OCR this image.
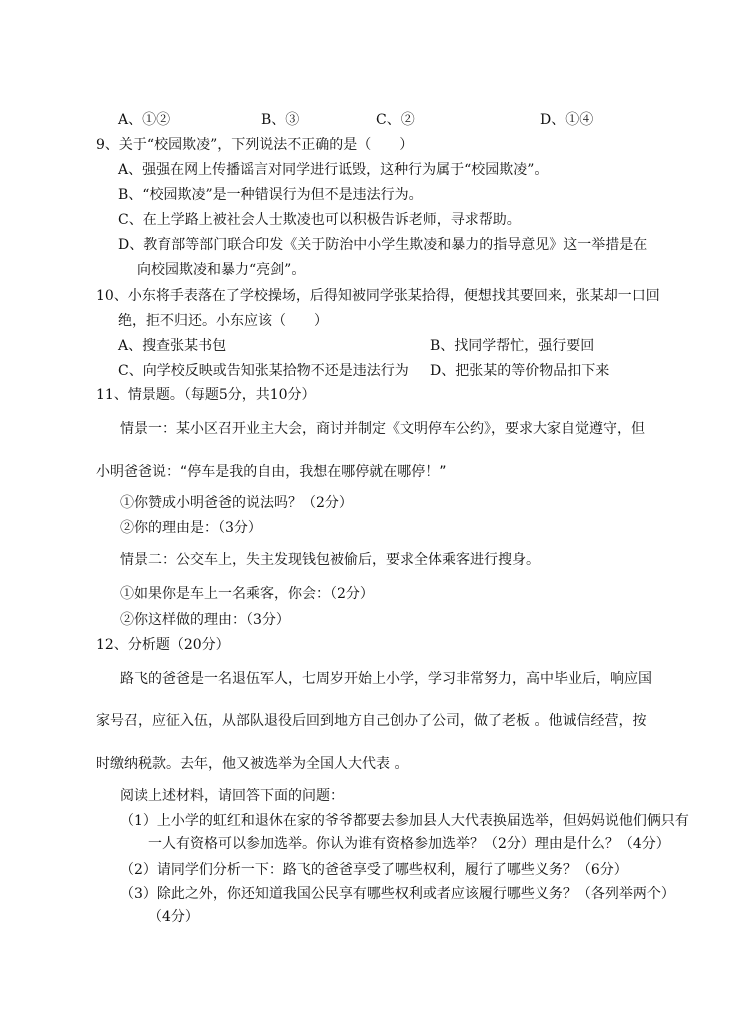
A、①②	B、③	C、②	D、①④
9、关于“校园欺凌”，下列说法不正确的是（　　）
A、强强在网上传播谣言对同学进行诋毁，这种行为属于“校园欺凌”。
B、“校园欺凌”是一种错误行为但不是违法行为。
C、在上学路上被社会人士欺凌也可以积极告诉老师，寻求帮助。
D、教育部等部门联合印发《关于防治中小学生欺凌和暴力的指导意见》这一举措是在
向校园欺凌和暴力“亮剑”。
10、小东将手表落在了学校操场，后得知被同学张某拾得，便想找其要回来，张某却一口回
绝，拒不归还。小东应该（　　）
A、搜查张某书包	B、找同学帮忙，强行要回
C、向学校反映或告知张某拾物不还是违法行为 D、把张某的等价物品扣下来
11、情景题。（每题5分，共10分）
情景一：某小区召开业主大会，商讨并制定《文明停车公约》，要求大家自觉遵守，但
小明爸爸说：“停车是我的自由，我想在哪停就在哪停！”
①你赞成小明爸爸的说法吗？（2分）
②你的理由是：（3分）
情景二：公交车上，失主发现钱包被偷后，要求全体乘客进行搜身。
①如果你是车上一名乘客，你会：（2分）
②你这样做的理由：（3分）
12、分析题（20分）
路飞的爸爸是一名退伍军人，七周岁开始上小学，学习非常努力，高中毕业后，响应国
家号召，应征入伍，从部队退役后回到地方自己创办了公司，做了老板 。他诚信经营，按
时缴纳税款。去年，他又被选举为全国人大代表 。
阅读上述材料，请回答下面的问题：
（1）上小学的虹红和退休在家的爷爷都要去参加县人大代表换届选举，但妈妈说他们俩只有
一人有资格可以参加选举。你认为谁有资格参加选举？（2分）理由是什么？（4分）
（2）请同学们分析一下：路飞的爸爸享受了哪些权利，履行了哪些义务？（6分）
（3）除此之外，你还知道我国公民享有哪些权利或者应该履行哪些义务？（各列举两个）
（4分）
